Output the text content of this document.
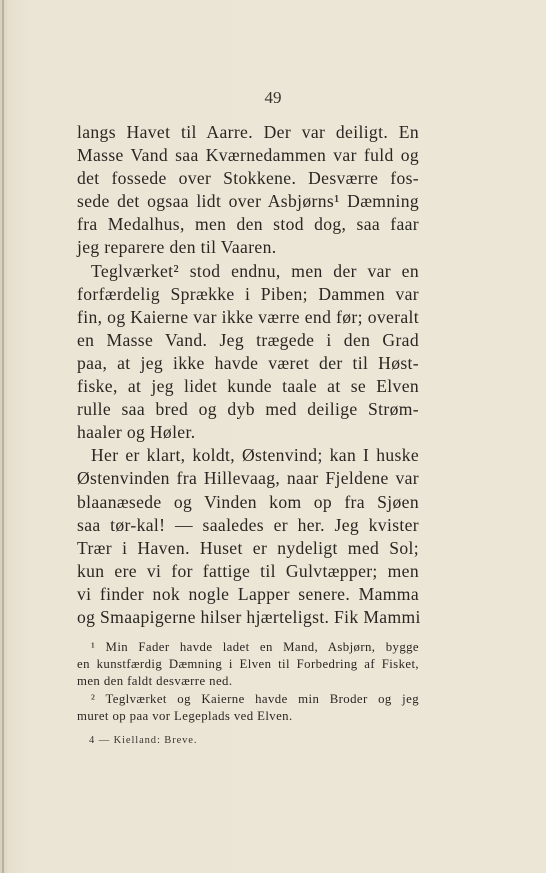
49
langs Havet til Aarre. Der var deiligt. En
Masse Vand saa Kværnedammen var fuld og
det fossede over Stokkene. Desværre fos-
sede det ogsaa lidt over Asbjørns¹ Dæmning
fra Medalhus, men den stod dog, saa faar
jeg reparere den til Vaaren.
Teglværket² stod endnu, men der var en
forfærdelig Sprække i Piben; Dammen var
fin, og Kaierne var ikke værre end før; overalt
en Masse Vand. Jeg trægede i den Grad
paa, at jeg ikke havde været der til Høst-
fiske, at jeg lidet kunde taale at se Elven
rulle saa bred og dyb med deilige Strøm-
haaler og Høler.
Her er klart, koldt, Østenvind; kan I huske
Østenvinden fra Hillevaag, naar Fjeldene var
blaanæsede og Vinden kom op fra Sjøen
saa tør-kal! — saaledes er her. Jeg kvister
Trær i Haven. Huset er nydeligt med Sol;
kun ere vi for fattige til Gulvtæpper; men
vi finder nok nogle Lapper senere. Mamma
og Smaapigerne hilser hjærteligst. Fik Mammi
¹ Min Fader havde ladet en Mand, Asbjørn, bygge
en kunstfærdig Dæmning i Elven til Forbedring af Fisket,
men den faldt desværre ned.
² Teglværket og Kaierne havde min Broder og jeg
muret op paa vor Legeplads ved Elven.
4 — Kielland: Breve.
